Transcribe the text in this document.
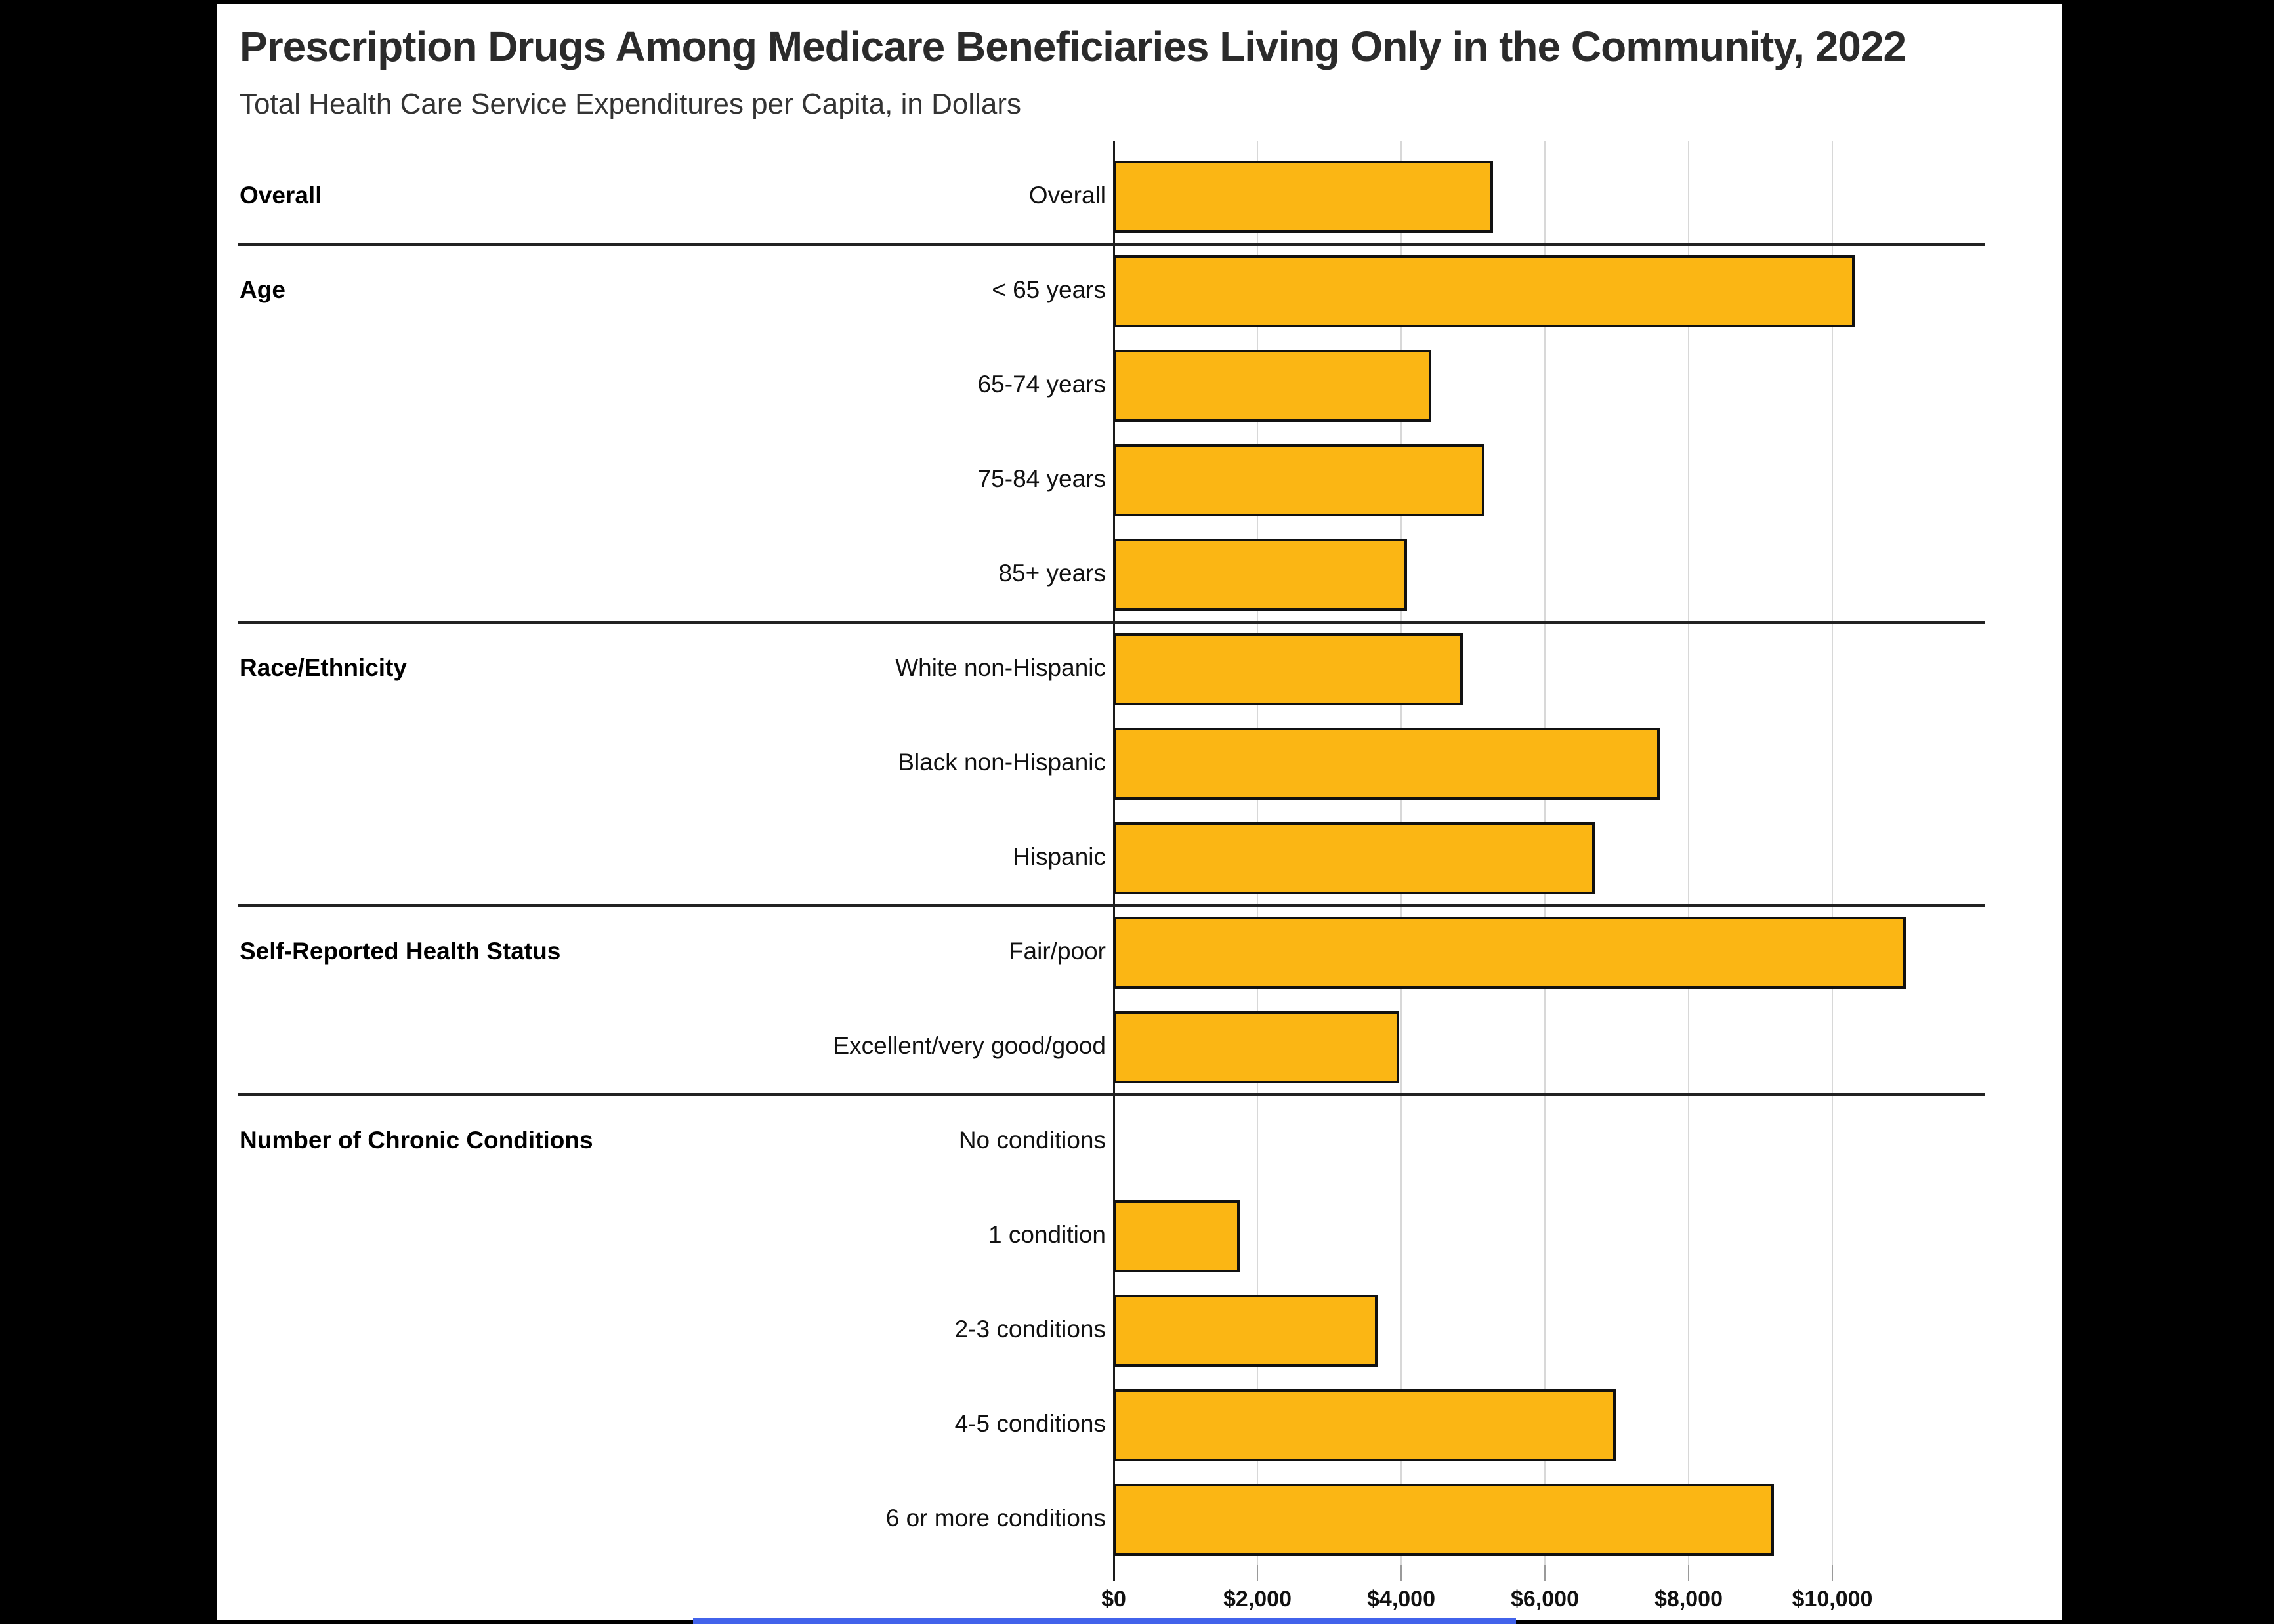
Prescription Drugs Among Medicare Beneficiaries Living Only in the Community, 2022
Total Health Care Service Expenditures per Capita, in Dollars
$0	$2,000	$4,000	$6,000	$8,000	$10,000
Overall	Overall
Age	< 65 years
65-74 years
75-84 years
85+ years
Race/Ethnicity	White non-Hispanic
Black non-Hispanic
Hispanic
Self-Reported Health Status	Fair/poor
Excellent/very good/good
Number of Chronic Conditions	No conditions
1 condition
2-3 conditions
4-5 conditions
6 or more conditions
